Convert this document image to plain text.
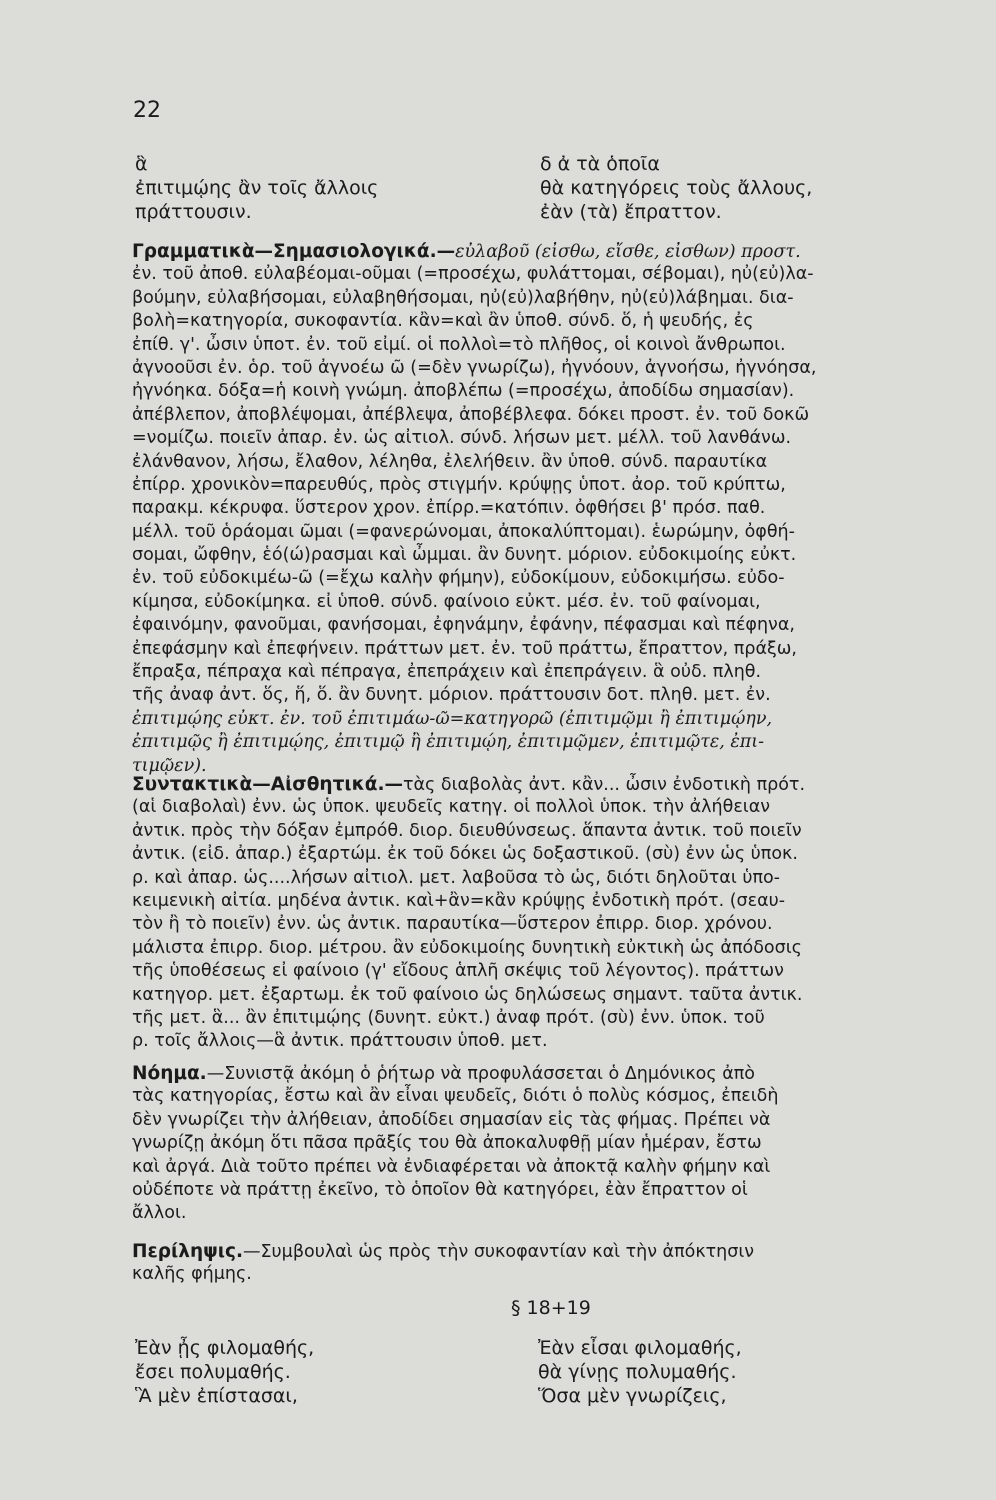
22
ἃ
ἐπιτιμῴης ἂν τοῖς ἄλλοις
πράττουσιν.
δ ἀ τὰ ὁποῖα
θὰ κατηγόρεις τοὺς ἄλλους,
ἐὰν (τὰ) ἔπραττον.
Γραμματικὰ—Σημασιολογικά.—εὐλαβοῦ (εἰσθω, εἴσθε, εἰσθων) προστ.
ἐν. τοῦ ἀποθ. εὐλαβέομαι-οῦμαι (=προσέχω, φυλάττομαι, σέβομαι), ηὐ(εὐ)λα-
βούμην, εὐλαβήσομαι, εὐλαβηθήσομαι, ηὐ(εὐ)λαβήθην, ηὐ(εὐ)λάβημαι. δια-
βολὴ=κατηγορία, συκοφαντία. κἂν=καὶ ἂν ὑποθ. σύνδ. ὅ, ἡ ψευδής, ἐς
ἐπίθ. γ'. ὦσιν ὑποτ. ἐν. τοῦ εἰμί. οἱ πολλοὶ=τὸ πλῆθος, οἱ κοινοὶ ἄνθρωποι.
ἀγνοοῦσι ἐν. ὁρ. τοῦ ἀγνοέω ῶ (=δὲν γνωρίζω), ἠγνόουν, ἀγνοήσω, ἠγνόησα,
ἠγνόηκα. δόξα=ἡ κοινὴ γνώμη. ἀποβλέπω (=προσέχω, ἀποδίδω σημασίαν).
ἀπέβλεπον, ἀποβλέψομαι, ἀπέβλεψα, ἀποβέβλεφα. δόκει προστ. ἐν. τοῦ δοκῶ
=νομίζω. ποιεῖν ἀπαρ. ἐν. ὡς αἰτιολ. σύνδ. λήσων μετ. μέλλ. τοῦ λανθάνω.
ἐλάνθανον, λήσω, ἔλαθον, λέληθα, ἐλελήθειν. ἂν ὑποθ. σύνδ. παραυτίκα
ἐπίρρ. χρονικὸν=παρευθύς, πρὸς στιγμήν. κρύψῃς ὑποτ. ἀορ. τοῦ κρύπτω,
παρακμ. κέκρυφα. ὕστερον χρον. ἐπίρρ.=κατόπιν. ὀφθήσει β' πρόσ. παθ.
μέλλ. τοῦ ὁράομαι ῶμαι (=φανερώνομαι, ἀποκαλύπτομαι). ἑωρώμην, ὀφθή-
σομαι, ὤφθην, ἑό(ώ)ρασμαι καὶ ὦμμαι. ἂν δυνητ. μόριον. εὐδοκιμοίης εὐκτ.
ἐν. τοῦ εὐδοκιμέω-ῶ (=ἔχω καλὴν φήμην), εὐδοκίμουν, εὐδοκιμήσω. εὐδο-
κίμησα, εὐδοκίμηκα. εἰ ὑποθ. σύνδ. φαίνοιο εὐκτ. μέσ. ἐν. τοῦ φαίνομαι,
ἐφαινόμην, φανοῦμαι, φανήσομαι, ἐφηνάμην, ἐφάνην, πέφασμαι καὶ πέφηνα,
ἐπεφάσμην καὶ ἐπεφήνειν. πράττων μετ. ἐν. τοῦ πράττω, ἔπραττον, πράξω,
ἔπραξα, πέπραχα καὶ πέπραγα, ἐπεπράχειν καὶ ἐπεπράγειν. ἃ οὐδ. πληθ.
τῆς ἀναφ ἀντ. ὅς, ἥ, ὅ. ἂν δυνητ. μόριον. πράττουσιν δοτ. πληθ. μετ. ἐν.
ἐπιτιμῴης εὐκτ. ἐν. τοῦ ἐπιτιμάω-ῶ=κατηγορῶ (ἐπιτιμῷμι ἢ ἐπιτιμῴην,
ἐπιτιμῷς ἢ ἐπιτιμῴης, ἐπιτιμῷ ἢ ἐπιτιμῴη, ἐπιτιμῷμεν, ἐπιτιμῷτε, ἐπι-
τιμῷεν).
Συντακτικὰ—Αἰσθητικά.—τὰς διαβολὰς ἀντ. κἂν... ὦσιν ἐνδοτικὴ πρότ.
(αἱ διαβολαὶ) ἐνν. ὡς ὑποκ. ψευδεῖς κατηγ. οἱ πολλοὶ ὑποκ. τὴν ἀλήθειαν
ἀντικ. πρὸς τὴν δόξαν ἐμπρόθ. διορ. διευθύνσεως. ἅπαντα ἀντικ. τοῦ ποιεῖν
ἀντικ. (εἰδ. ἀπαρ.) ἐξαρτώμ. ἐκ τοῦ δόκει ὡς δοξαστικοῦ. (σὺ) ἐνν ὡς ὑποκ.
ρ. καὶ ἀπαρ. ὡς....λήσων αἰτιολ. μετ. λαβοῦσα τὸ ὡς, διότι δηλοῦται ὑπο-
κειμενικὴ αἰτία. μηδένα ἀντικ. καὶ+ἂν=κἂν κρύψῃς ἐνδοτικὴ πρότ. (σεαυ-
τὸν ἢ τὸ ποιεῖν) ἐνν. ὡς ἀντικ. παραυτίκα—ὕστερον ἐπιρρ. διορ. χρόνου.
μάλιστα ἐπιρρ. διορ. μέτρου. ἂν εὐδοκιμοίης δυνητικὴ εὐκτικὴ ὡς ἀπόδοσις
τῆς ὑποθέσεως εἰ φαίνοιο (γ' εἴδους ἁπλῆ σκέψις τοῦ λέγοντος). πράττων
κατηγορ. μετ. ἐξαρτωμ. ἐκ τοῦ φαίνοιο ὡς δηλώσεως σημαντ. ταῦτα ἀντικ.
τῆς μετ. ἃ... ἂν ἐπιτιμῴης (δυνητ. εὐκτ.) ἀναφ πρότ. (σὺ) ἐνν. ὑποκ. τοῦ
ρ. τοῖς ἄλλοις—ἃ ἀντικ. πράττουσιν ὑποθ. μετ.
Νόημα.—Συνιστᾷ ἀκόμη ὁ ῥήτωρ νὰ προφυλάσσεται ὁ Δημόνικος ἀπὸ
τὰς κατηγορίας, ἔστω καὶ ἂν εἶναι ψευδεῖς, διότι ὁ πολὺς κόσμος, ἐπειδὴ
δὲν γνωρίζει τὴν ἀλήθειαν, ἀποδίδει σημασίαν εἰς τὰς φήμας. Πρέπει νὰ
γνωρίζῃ ἀκόμη ὅτι πᾶσα πρᾶξίς του θὰ ἀποκαλυφθῇ μίαν ἡμέραν, ἔστω
καὶ ἀργά. Διὰ τοῦτο πρέπει νὰ ἐνδιαφέρεται νὰ ἀποκτᾷ καλὴν φήμην καὶ
οὐδέποτε νὰ πράττῃ ἐκεῖνο, τὸ ὁποῖον θὰ κατηγόρει, ἐὰν ἔπραττον οἱ
ἄλλοι.
Περίληψις.—Συμβουλαὶ ὡς πρὸς τὴν συκοφαντίαν καὶ τὴν ἀπόκτησιν
καλῆς φήμης.
§ 18+19
Ἐὰν ᾖς φιλομαθής,
ἔσει πολυμαθής.
Ἃ μὲν ἐπίστασαι,
Ἐὰν εἶσαι φιλομαθής,
θὰ γίνῃς πολυμαθής.
Ὅσα μὲν γνωρίζεις,
